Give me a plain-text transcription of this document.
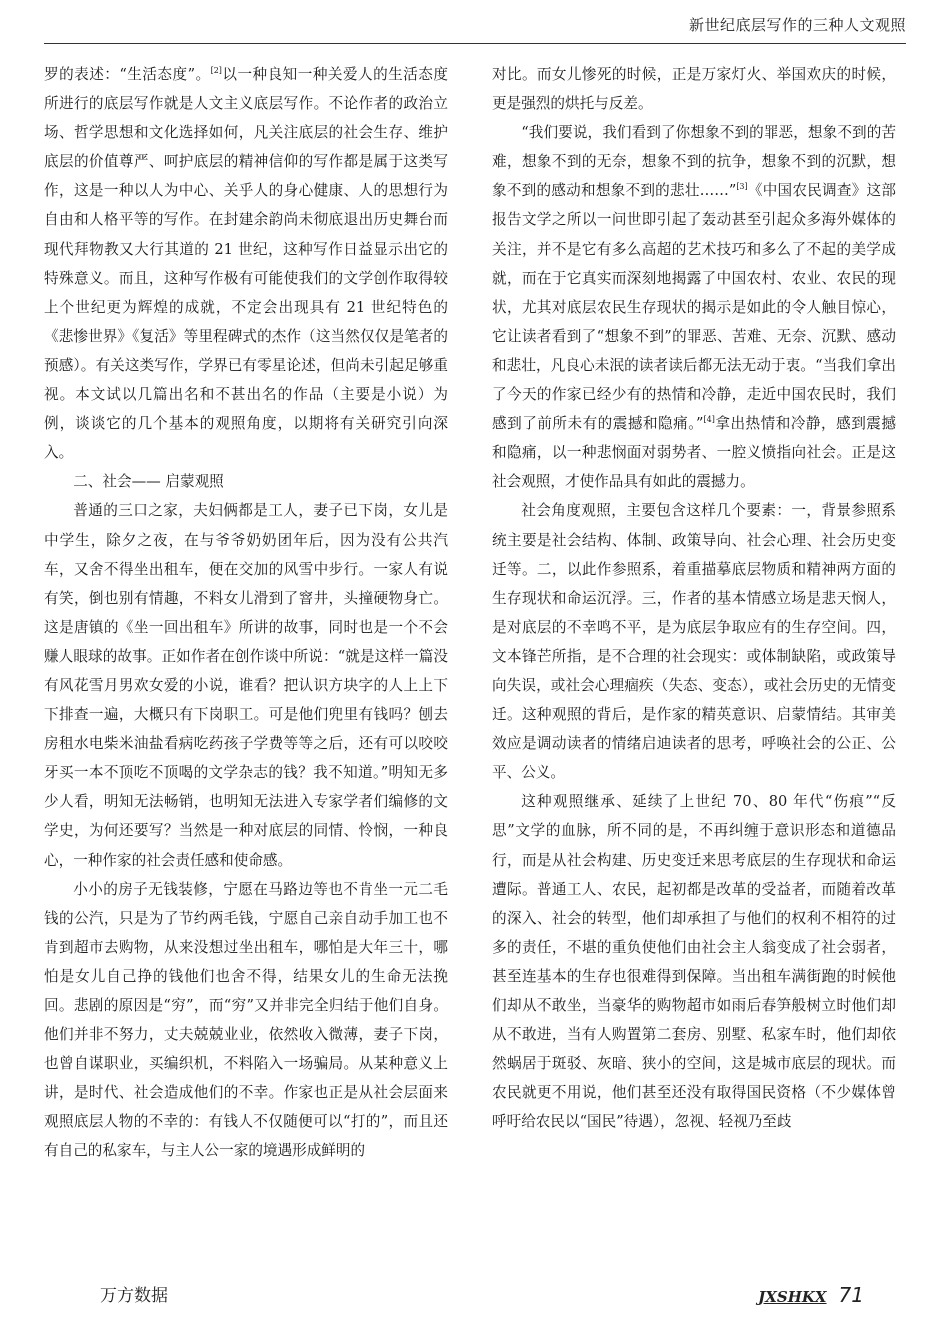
新世纪底层写作的三种人文观照

罗的表述：“生活态度”。[2]以一种良知一种关爱人的生活态度所进行的底层写作就是人文主义底层写作。不论作者的政治立场、哲学思想和文化选择如何，凡关注底层的社会生存、维护底层的价值尊严、呵护底层的精神信仰的写作都是属于这类写作，这是一种以人为中心、关乎人的身心健康、人的思想行为自由和人格平等的写作。在封建余韵尚未彻底退出历史舞台而现代拜物教又大行其道的 21 世纪，这种写作日益显示出它的特殊意义。而且，这种写作极有可能使我们的文学创作取得较上个世纪更为辉煌的成就，不定会出现具有 21 世纪特色的《悲惨世界》《复活》等里程碑式的杰作（这当然仅仅是笔者的预感）。有关这类写作，学界已有零星论述，但尚未引起足够重视。本文试以几篇出名和不甚出名的作品（主要是小说）为例，谈谈它的几个基本的观照角度，以期将有关研究引向深入。

二、社会—— 启蒙观照

普通的三口之家，夫妇俩都是工人，妻子已下岗，女儿是中学生，除夕之夜，在与爷爷奶奶团年后，因为没有公共汽车，又舍不得坐出租车，便在交加的风雪中步行。一家人有说有笑，倒也别有情趣，不料女儿滑到了窨井，头撞硬物身亡。这是唐镇的《坐一回出租车》所讲的故事，同时也是一个不会赚人眼球的故事。正如作者在创作谈中所说：“就是这样一篇没有风花雪月男欢女爱的小说，谁看？把认识方块字的人上上下下排查一遍，大概只有下岗职工。可是他们兜里有钱吗？刨去房租水电柴米油盐看病吃药孩子学费等等之后，还有可以咬咬牙买一本不顶吃不顶喝的文学杂志的钱？我不知道。”明知无多少人看，明知无法畅销，也明知无法进入专家学者们编修的文学史，为何还要写？当然是一种对底层的同情、怜悯，一种良心，一种作家的社会责任感和使命感。

小小的房子无钱装修，宁愿在马路边等也不肯坐一元二毛钱的公汽，只是为了节约两毛钱，宁愿自己亲自动手加工也不肯到超市去购物，从来没想过坐出租车，哪怕是大年三十，哪怕是女儿自己挣的钱他们也舍不得，结果女儿的生命无法挽回。悲剧的原因是“穷”，而“穷”又并非完全归结于他们自身。他们并非不努力，丈夫兢兢业业，依然收入微薄，妻子下岗，也曾自谋职业，买编织机，不料陷入一场骗局。从某种意义上讲，是时代、社会造成他们的不幸。作家也正是从社会层面来观照底层人物的不幸的：有钱人不仅随便可以“打的”，而且还有自己的私家车，与主人公一家的境遇形成鲜明的

对比。而女儿惨死的时候，正是万家灯火、举国欢庆的时候，更是强烈的烘托与反差。

“我们要说，我们看到了你想象不到的罪恶，想象不到的苦难，想象不到的无奈，想象不到的抗争，想象不到的沉默，想象不到的感动和想象不到的悲壮……”[3]《中国农民调查》这部报告文学之所以一问世即引起了轰动甚至引起众多海外媒体的关注，并不是它有多么高超的艺术技巧和多么了不起的美学成就，而在于它真实而深刻地揭露了中国农村、农业、农民的现状，尤其对底层农民生存现状的揭示是如此的令人触目惊心，它让读者看到了“想象不到”的罪恶、苦难、无奈、沉默、感动和悲壮，凡良心未泯的读者读后都无法无动于衷。“当我们拿出了今天的作家已经少有的热情和冷静，走近中国农民时，我们感到了前所未有的震撼和隐痛。”[4]拿出热情和冷静，感到震撼和隐痛，以一种悲悯面对弱势者、一腔义愤指向社会。正是这社会观照，才使作品具有如此的震撼力。

社会角度观照，主要包含这样几个要素：一，背景参照系统主要是社会结构、体制、政策导向、社会心理、社会历史变迁等。二，以此作参照系，着重描摹底层物质和精神两方面的生存现状和命运沉浮。三，作者的基本情感立场是悲天悯人，是对底层的不幸鸣不平，是为底层争取应有的生存空间。四，文本锋芒所指，是不合理的社会现实：或体制缺陷，或政策导向失误，或社会心理痼疾（失态、变态），或社会历史的无情变迁。这种观照的背后，是作家的精英意识、启蒙情结。其审美效应是调动读者的情绪启迪读者的思考，呼唤社会的公正、公平、公义。

这种观照继承、延续了上世纪 70、80 年代“伤痕”“反思”文学的血脉，所不同的是，不再纠缠于意识形态和道德品行，而是从社会构建、历史变迁来思考底层的生存现状和命运遭际。普通工人、农民，起初都是改革的受益者，而随着改革的深入、社会的转型，他们却承担了与他们的权利不相符的过多的责任，不堪的重负使他们由社会主人翁变成了社会弱者，甚至连基本的生存也很难得到保障。当出租车满街跑的时候他们却从不敢坐，当豪华的购物超市如雨后春笋般树立时他们却从不敢进，当有人购置第二套房、别墅、私家车时，他们却依然蜗居于斑驳、灰暗、狭小的空间，这是城市底层的现状。而农民就更不用说，他们甚至还没有取得国民资格（不少媒体曾呼吁给农民以“国民”待遇），忽视、轻视乃至歧

万方数据	JXSHKX 71
